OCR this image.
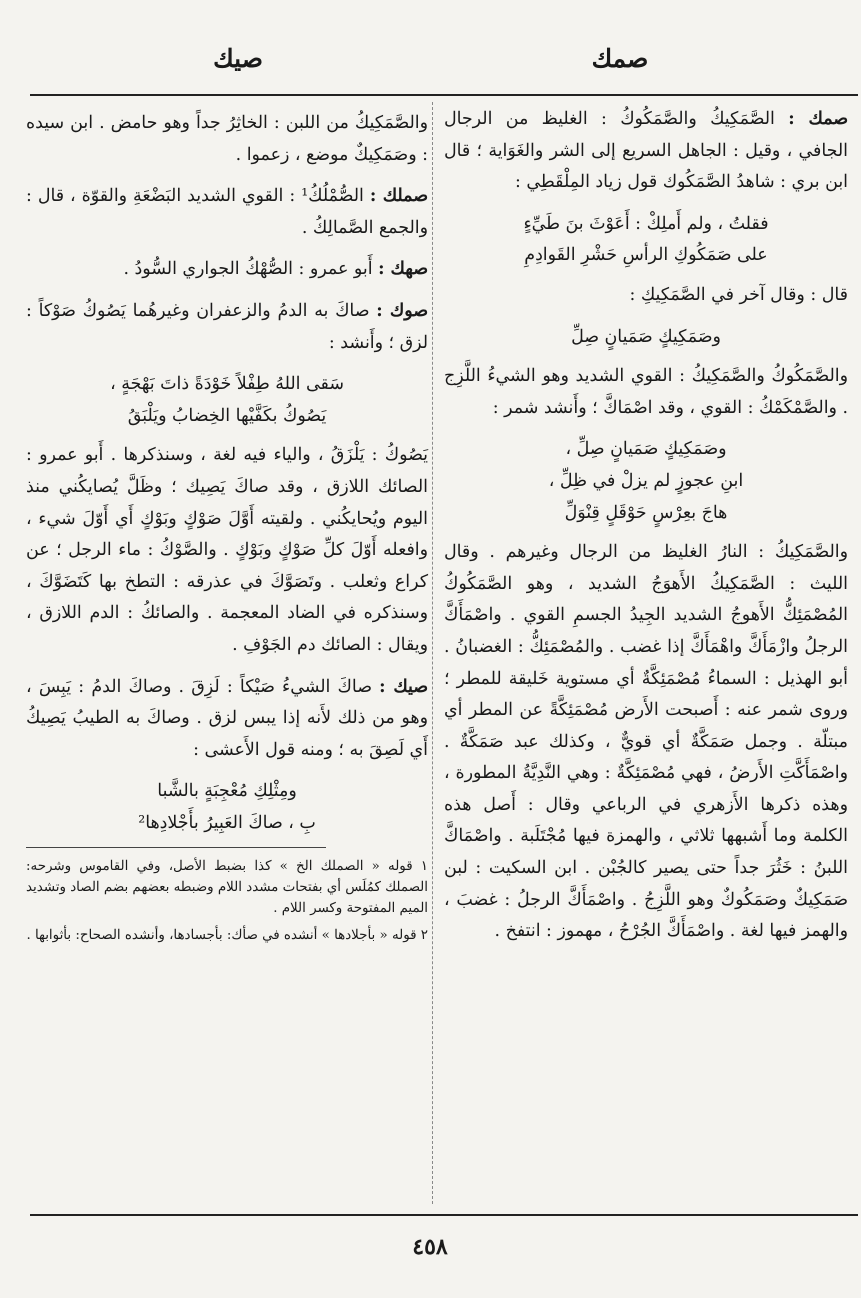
صمك
صيك
صمك : الصَّمَكِيكُ والصَّمَكُوكُ : الغليظ من الرجال الجافي ، وقيل : الجاهل السريع إلى الشر والغَوَاية ؛ قال ابن بري : شاهدُ الصَّمَكُوك قول زياد المِلْقَطِي :
فقلتُ ، ولم أَملِكْ : أَعَوْثَ بنَ طَيِّءٍ
على صَمَكُوكِ الرأسِ حَشْرِ القَوادِمِ
قال : وقال آخر في الصَّمَكِيكِ :
وصَمَكِيكٍ صَمَيانٍ صِلِّ
والصَّمَكُوكُ والصَّمَكِيكُ : القوي الشديد وهو الشيءُ اللَّزِج . والصَّمْكَمْكُ : القوي ، وقد اصْمَاكَّ ؛ وأَنشد شمر :
وصَمَكِيكٍ صَمَيانٍ صِلِّ ،
ابنِ عجوزٍ لم يزلْ في ظِلِّ ،
هاجَ بعِرْسٍ حَوْقَلٍ قِنْوَلِّ
والصَّمَكِيكُ : النارُ الغليظ من الرجال وغيرهم . وقال الليث : الصَّمَكِيكُ الأَهوَجُ الشديد ، وهو الصَّمَكُوكُ المُصْمَئِكُّ الأَهوجُ الشديد الجِيدُ الجسمِ القوي . واصْمَأَكَّ الرجلُ وازْمَأَكَّ واهْمَأَكَّ إذا غضب . والمُصْمَئِكُّ : الغضبانُ . أبو الهذيل : السماءُ مُصْمَئِكَّةٌ أي مستوية خَليقة للمطر ؛ وروى شمر عنه : أَصبحت الأَرض مُصْمَئِكَّةً عن المطر أي مبتلّة . وجمل صَمَكَّةٌ أي قويٌّ ، وكذلك عبد صَمَكَّةٌ . واصْمَأَكَّتِ الأَرضُ ، فهي مُصْمَئِكَّةٌ : وهي النَّدِيَّةُ المطورة ، وهذه ذكرها الأَزهري في الرباعي وقال : أَصل هذه الكلمة وما أَشبهها ثلاثي ، والهمزة فيها مُجْتَلَبة . واصْمَاكَّ اللبنُ : خَثُرَ جداً حتى يصير كالجُبْن . ابن السكيت : لبن صَمَكِيكٌ وصَمَكُوكٌ وهو اللَّزِجُ . واصْمَأَكَّ الرجلُ : غضبَ ، والهمز فيها لغة . واصْمَأَكَّ الجُرْحُ ، مهموز : انتفخ .
والصَّمَكِيكُ من اللبن : الخاثِرُ جداً وهو حامض . ابن سيده : وصَمَكِيكٌ موضع ، زعموا .
صملك : الصُّمْلُكُ¹ : القوي الشديد البَضْعَةِ والقوّة ، قال : والجمع الصَّمالِكُ .
صهك : أَبو عمرو : الصُّهْكُ الجواري السُّودُ .
صوك : صاكَ به الدمُ والزعفران وغيرهُما يَصُوكُ صَوْكاً : لزق ؛ وأَنشد :
سَقى اللهُ طِفْلاً خَوْدَةً ذاتَ بَهْجَةٍ ،
يَصُوكُ بكَفَّيْها الخِضابُ ويَلْبَقُ
يَصُوكُ : يَلْزَقُ ، والياء فيه لغة ، وسنذكرها . أَبو عمرو : الصائك اللازق ، وقد صاكَ يَصِيك ؛ وظَلَّ يُصايكُني منذ اليوم ويُحايكُني . ولقيته أَوَّلَ صَوْكٍ وبَوْكٍ أَي أَوّلَ شيء ، وافعله أَوّلَ كلِّ صَوْكٍ وبَوْكٍ . والصَّوْكُ : ماء الرجل ؛ عن كراع وثعلب . وتَصَوَّكَ في عذرقه : التطخ بها كَتَضَوَّكَ ، وسنذكره في الضاد المعجمة . والصائكُ : الدم اللازق ، ويقال : الصائك دم الجَوْفِ .
صيك : صاكَ الشيءُ صَيْكاً : لَزِقَ . وصاكَ الدمُ : يَبِسَ ، وهو من ذلك لأَنه إذا يبس لزق . وصاكَ به الطيبُ يَصِيكُ أَي لَصِقَ به ؛ ومنه قول الأَعشى :
ومِثْلِكِ مُعْجِبَةٍ بالشَّبا
بِ ، صاكَ العَبِيرُ بأَجْلادِها²
١ قوله « الصملك الخ » كذا بضبط الأصل، وفي القاموس وشرحه: الصملك كمُلَس أي بفتحات مشدد اللام وضبطه بعضهم بضم الصاد وتشديد الميم المفتوحة وكسر اللام .
٢ قوله « بأجلادها » أنشده في صأك: بأجسادها، وأنشده الصحاح: بأثوابها .
٤٥٨
